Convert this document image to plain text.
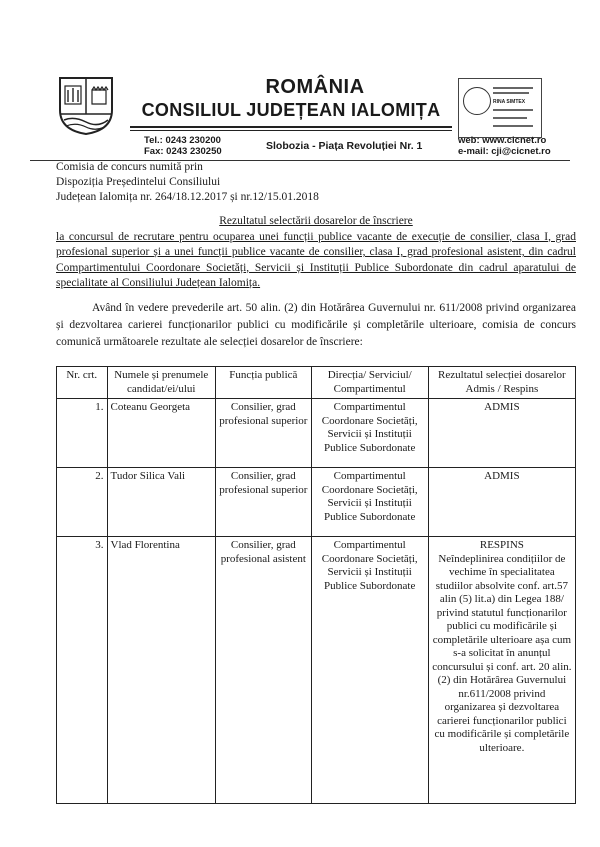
ROMÂNIA
CONSILIUL JUDEȚEAN IALOMIȚA	RINA SIMTEX
Tel.: 0243 230200
Fax: 0243 230250	Slobozia - Piața Revoluției Nr. 1	web: www.cicnet.ro
e-mail: cji@cicnet.ro
Comisia de concurs numită prin
Dispoziția Președintelui Consiliului
Județean Ialomița nr. 264/18.12.2017 și nr.12/15.01.2018
Rezultatul selectării dosarelor de înscriere
la concursul de recrutare pentru ocuparea unei funcții publice vacante de execuție de consilier, clasa I, grad profesional superior și a unei funcții publice vacante de consilier, clasa I, grad profesional asistent, din cadrul Compartimentului Coordonare Societăți, Servicii și Instituții Publice Subordonate din cadrul aparatului de specialitate al Consiliului Județean Ialomița.
Având în vedere prevederile art. 50 alin. (2) din Hotărârea Guvernului nr. 611/2008 privind organizarea și dezvoltarea carierei funcționarilor publici cu modificările și completările ulterioare, comisia de concurs comunică următoarele rezultate ale selecției dosarelor de înscriere:
Nr. crt.	Numele și prenumele candidat/ei/ului	Funcția publică	Direcția/ Serviciul/ Compartimentul	Rezultatul selecției dosarelor Admis / Respins
1.	Coteanu Georgeta	Consilier, grad profesional superior	Compartimentul Coordonare Societăți, Servicii și Instituții Publice Subordonate	ADMIS

2.	Tudor Silica Vali	Consilier, grad profesional superior	Compartimentul Coordonare Societăți, Servicii și Instituții Publice Subordonate	ADMIS

3.	Vlad Florentina	Consilier, grad profesional asistent	Compartimentul Coordonare Societăți, Servicii și Instituții Publice Subordonate	RESPINS
Neîndeplinirea condițiilor de vechime în specialitatea studiilor absolvite conf. art.57 alin (5) lit.a) din Legea 188/ privind statutul funcționarilor publici cu modificările și completările ulterioare așa cum s-a solicitat în anunțul concursului și conf. art. 20 alin.(2) din Hotărârea Guvernului nr.611/2008 privind organizarea și dezvoltarea carierei funcționarilor publici cu modificările și completările ulterioare.
